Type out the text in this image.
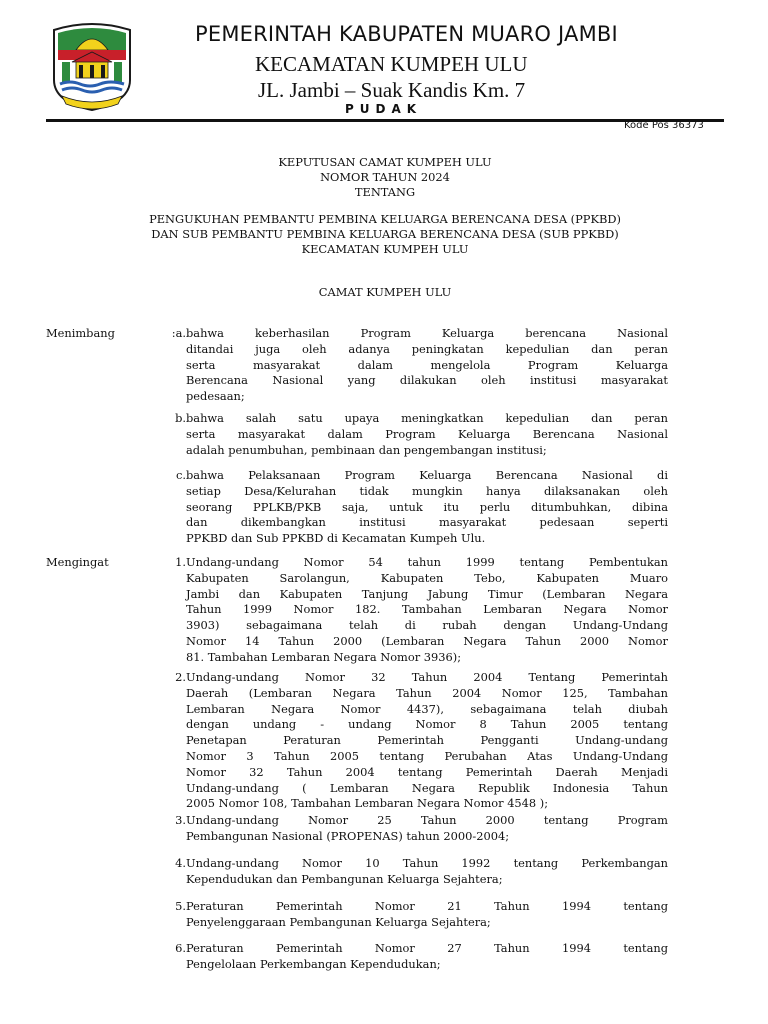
PEMERINTAH KABUPATEN MUARO JAMBI
KECAMATAN KUMPEH ULU
JL. Jambi – Suak Kandis Km. 7
PUDAK
Kode Pos 36373
KEPUTUSAN CAMAT KUMPEH ULU
NOMOR TAHUN 2024
TENTANG
PENGUKUHAN PEMBANTU PEMBINA KELUARGA BERENCANA DESA (PPKBD)
DAN SUB PEMBANTU PEMBINA KELUARGA BERENCANA DESA (SUB PPKBD)
KECAMATAN KUMPEH ULU
CAMAT KUMPEH ULU
Menimbang	:a. bahwa keberhasilan Program Keluarga berencana Nasional
ditandai juga oleh adanya peningkatan kepedulian dan peran
serta masyarakat dalam mengelola Program Keluarga
Berencana Nasional yang dilakukan oleh institusi masyarakat
pedesaan;
b. bahwa salah satu upaya meningkatkan kepedulian dan peran
serta masyarakat dalam Program Keluarga Berencana Nasional
adalah penumbuhan, pembinaan dan pengembangan institusi;
c. bahwa Pelaksanaan Program Keluarga Berencana Nasional di
setiap Desa/Kelurahan tidak mungkin hanya dilaksanakan oleh
seorang PPLKB/PKB saja, untuk itu perlu ditumbuhkan, dibina
dan dikembangkan institusi masyarakat pedesaan seperti
PPKBD dan Sub PPKBD di Kecamatan Kumpeh Ulu.
Mengingat	1. Undang-undang Nomor 54 tahun 1999 tentang Pembentukan
Kabupaten Sarolangun, Kabupaten Tebo, Kabupaten Muaro
Jambi dan Kabupaten Tanjung Jabung Timur (Lembaran Negara
Tahun 1999 Nomor 182. Tambahan Lembaran Negara Nomor
3903) sebagaimana telah di rubah dengan Undang-Undang
Nomor 14 Tahun 2000 (Lembaran Negara Tahun 2000 Nomor
81. Tambahan Lembaran Negara Nomor 3936);
2. Undang-undang Nomor 32 Tahun 2004 Tentang Pemerintah
Daerah (Lembaran Negara Tahun 2004 Nomor 125, Tambahan
Lembaran Negara Nomor 4437), sebagaimana telah diubah
dengan undang - undang Nomor 8 Tahun 2005 tentang
Penetapan Peraturan Pemerintah Pengganti Undang-undang
Nomor 3 Tahun 2005 tentang Perubahan Atas Undang-Undang
Nomor 32 Tahun 2004 tentang Pemerintah Daerah Menjadi
Undang-undang ( Lembaran Negara Republik Indonesia Tahun
2005 Nomor 108, Tambahan Lembaran Negara Nomor 4548 );
3. Undang-undang Nomor 25 Tahun 2000 tentang Program
Pembangunan Nasional (PROPENAS) tahun 2000-2004;
4. Undang-undang Nomor 10 Tahun 1992 tentang Perkembangan
Kependudukan dan Pembangunan Keluarga Sejahtera;
5. Peraturan Pemerintah Nomor 21 Tahun 1994 tentang
Penyelenggaraan Pembangunan Keluarga Sejahtera;
6. Peraturan Pemerintah Nomor 27 Tahun 1994 tentang
Pengelolaan Perkembangan Kependudukan;
